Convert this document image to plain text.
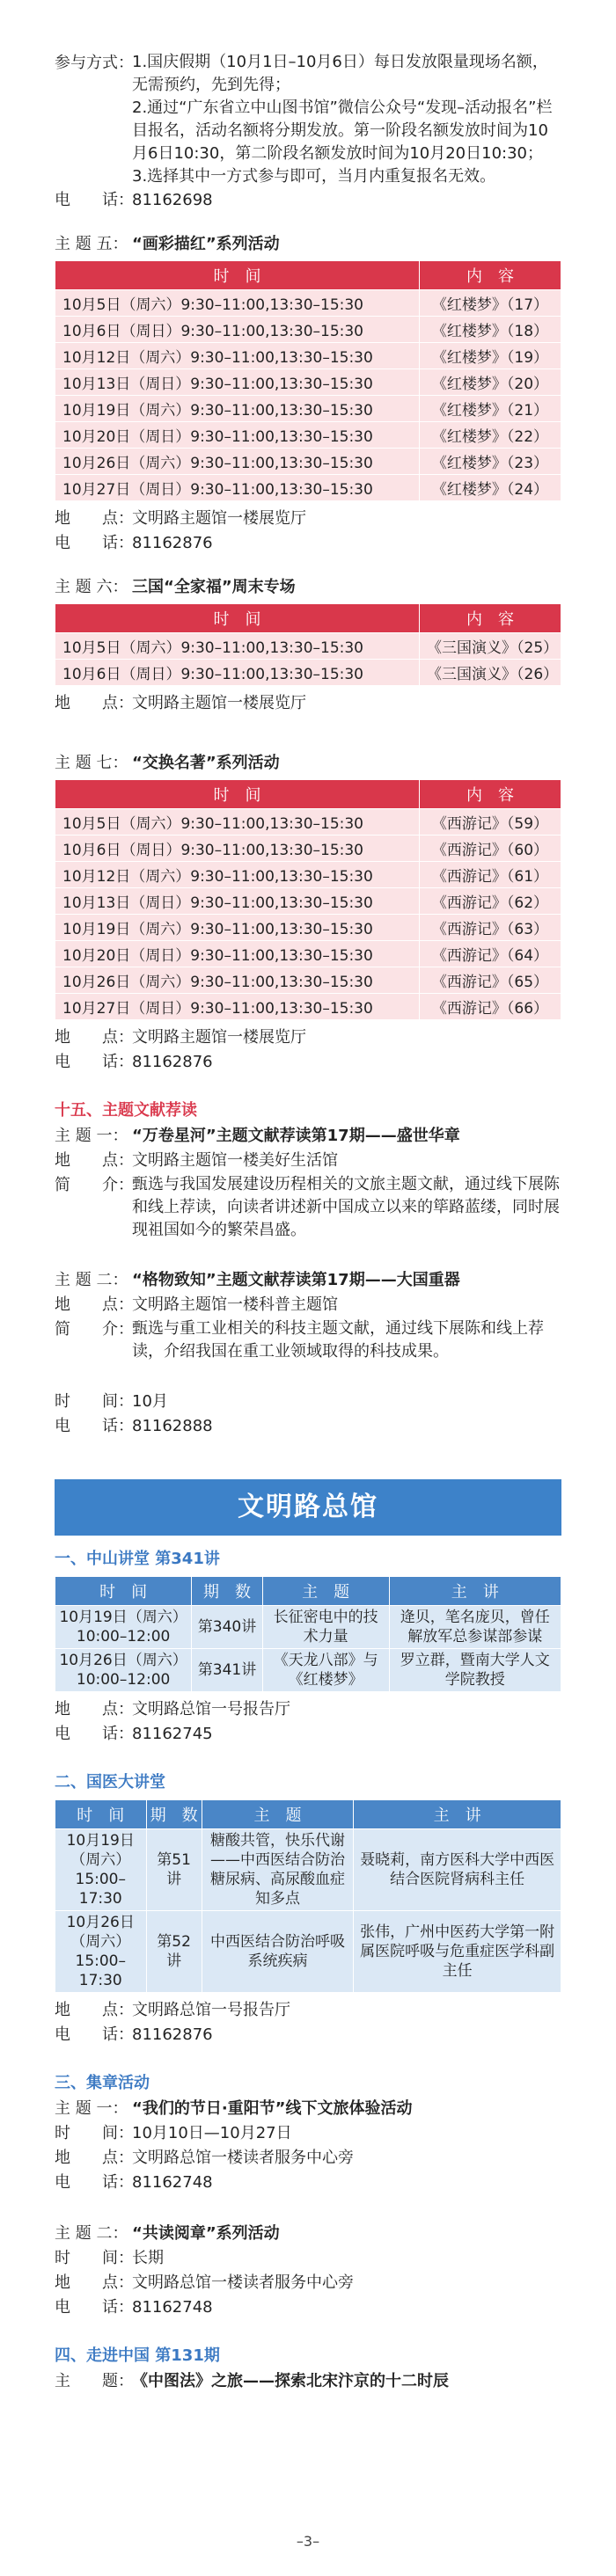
参与方式：
1.国庆假期（10月1日–10月6日）每日发放限量现场名额，无需预约，先到先得；
2.通过“广东省立中山图书馆”微信公众号“发现–活动报名”栏目报名，活动名额将分期发放。第一阶段名额发放时间为10月6日10:30，第二阶段名额发放时间为10月20日10:30；
3.选择其中一方式参与即可，当月内重复报名无效。
电　　话：
81162698
主 题 五： “画彩描红”系列活动
时　间	内　容
10月5日（周六）9:30–11:00,13:30–15:30	《红楼梦》（17）
10月6日（周日）9:30–11:00,13:30–15:30	《红楼梦》（18）
10月12日（周六）9:30–11:00,13:30–15:30	《红楼梦》（19）
10月13日（周日）9:30–11:00,13:30–15:30	《红楼梦》（20）
10月19日（周六）9:30–11:00,13:30–15:30	《红楼梦》（21）
10月20日（周日）9:30–11:00,13:30–15:30	《红楼梦》（22）
10月26日（周六）9:30–11:00,13:30–15:30	《红楼梦》（23）
10月27日（周日）9:30–11:00,13:30–15:30	《红楼梦》（24）
地　　点：
文明路主题馆一楼展览厅
电　　话：
81162876
主 题 六： 三国“全家福”周末专场
时　间	内　容
10月5日（周六）9:30–11:00,13:30–15:30	《三国演义》（25）
10月6日（周日）9:30–11:00,13:30–15:30	《三国演义》（26）
地　　点：
文明路主题馆一楼展览厅
主 题 七： “交换名著”系列活动
时　间	内　容
10月5日（周六）9:30–11:00,13:30–15:30	《西游记》（59）
10月6日（周日）9:30–11:00,13:30–15:30	《西游记》（60）
10月12日（周六）9:30–11:00,13:30–15:30	《西游记》（61）
10月13日（周日）9:30–11:00,13:30–15:30	《西游记》（62）
10月19日（周六）9:30–11:00,13:30–15:30	《西游记》（63）
10月20日（周日）9:30–11:00,13:30–15:30	《西游记》（64）
10月26日（周六）9:30–11:00,13:30–15:30	《西游记》（65）
10月27日（周日）9:30–11:00,13:30–15:30	《西游记》（66）
地　　点：
文明路主题馆一楼展览厅
电　　话：
81162876
十五、主题文献荐读
主 题 一： “万卷星河”主题文献荐读第17期——盛世华章
地　　点：
文明路主题馆一楼美好生活馆
简　　介：
甄选与我国发展建设历程相关的文旅主题文献，通过线下展陈和线上荐读，向读者讲述新中国成立以来的筚路蓝缕，同时展现祖国如今的繁荣昌盛。
主 题 二： “格物致知”主题文献荐读第17期——大国重器
地　　点：
文明路主题馆一楼科普主题馆
简　　介：
甄选与重工业相关的科技主题文献，通过线下展陈和线上荐读，介绍我国在重工业领域取得的科技成果。
时　　间：
10月
电　　话：
81162888
文明路总馆
一、中山讲堂 第341讲
时　间	期　数	主　题	主　讲
10月19日（周六）10:00–12:00	第340讲	长征密电中的技术力量	逄贝，笔名庞贝，曾任解放军总参谋部参谋
10月26日（周六）10:00–12:00	第341讲	《天龙八部》与《红楼梦》	罗立群，暨南大学人文学院教授
地　　点：
文明路总馆一号报告厅
电　　话：
81162745
二、国医大讲堂
时　间	期　数	主　题	主　讲
10月19日（周六）15:00–17:30	第51讲	糖酸共管，快乐代谢——中西医结合防治糖尿病、高尿酸血症知多点	聂晓莉，南方医科大学中西医结合医院肾病科主任
10月26日（周六）15:00–17:30	第52讲	中西医结合防治呼吸系统疾病	张伟，广州中医药大学第一附属医院呼吸与危重症医学科副主任
地　　点：
文明路总馆一号报告厅
电　　话：
81162876
三、集章活动
主 题 一： “我们的节日·重阳节”线下文旅体验活动
时　　间：
10月10日—10月27日
地　　点：
文明路总馆一楼读者服务中心旁
电　　话：
81162748
主 题 二： “共读阅章”系列活动
时　　间：
长期
地　　点：
文明路总馆一楼读者服务中心旁
电　　话：
81162748
四、走进中国 第131期
主　　题：
《中图法》之旅——探索北宋汴京的十二时辰
–3–
